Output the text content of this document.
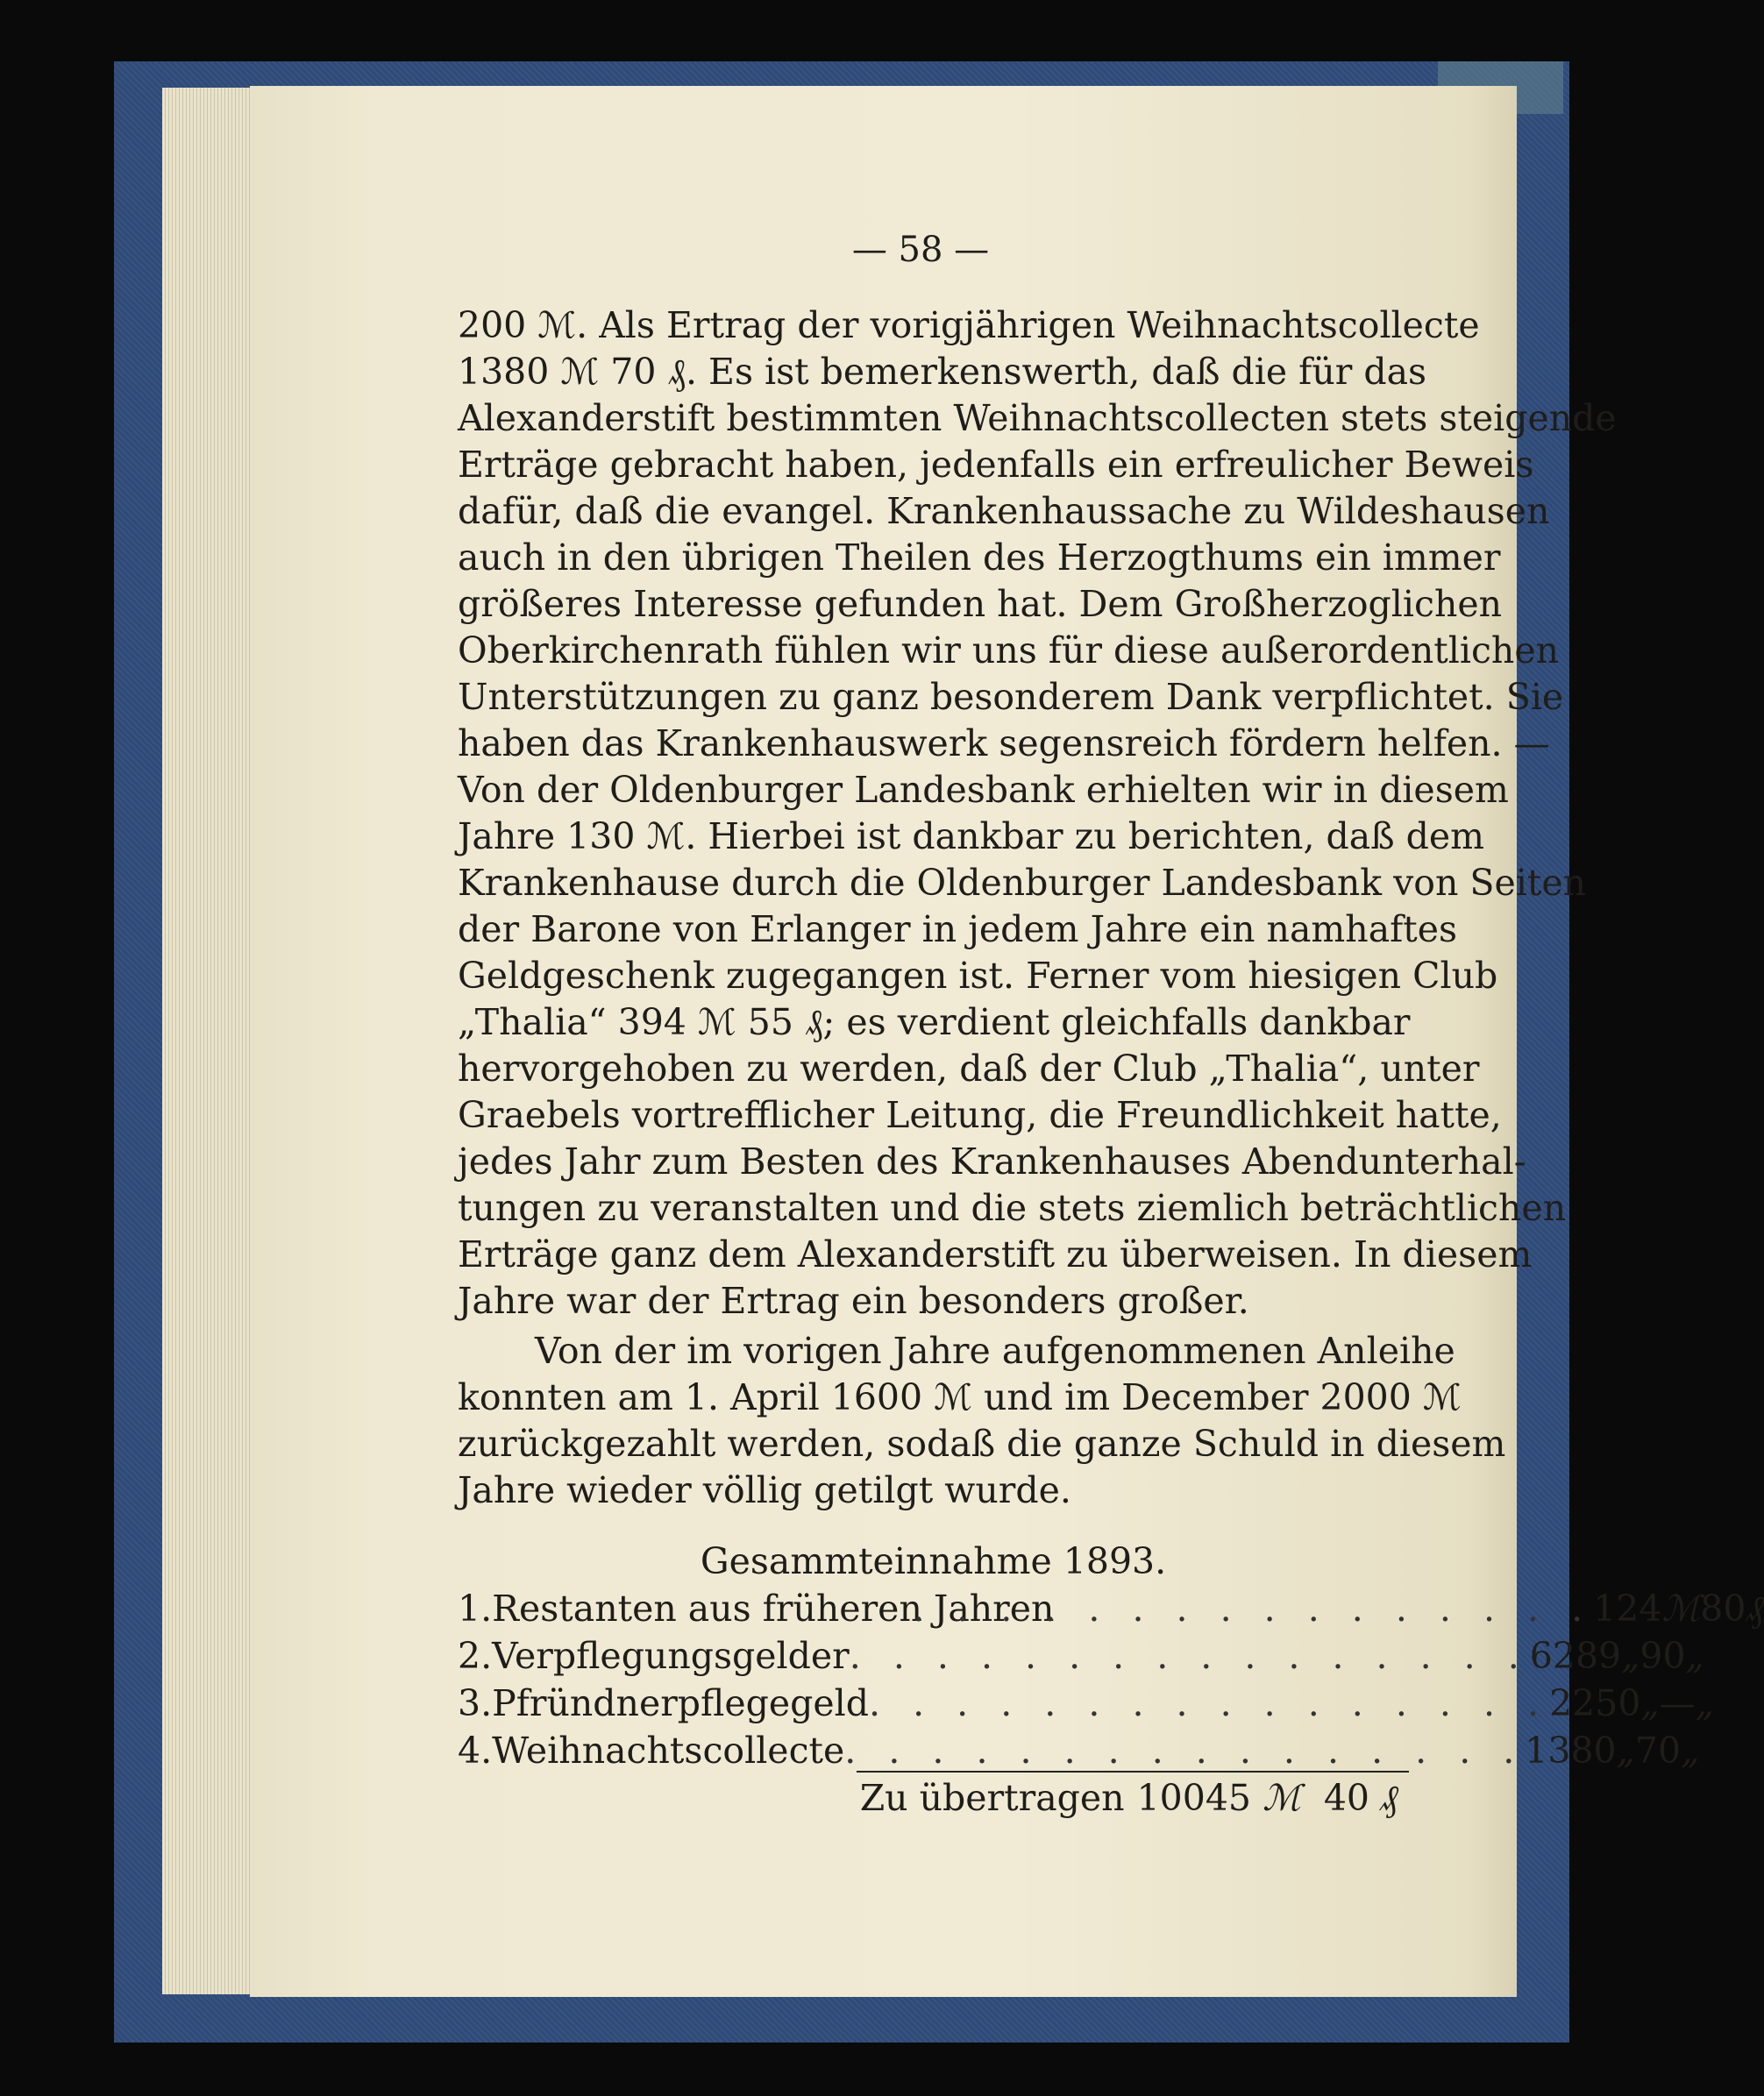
— 58 —
200 ℳ. Als Ertrag der vorigjährigen Weihnachtscollecte
1380 ℳ 70 ₰. Es ist bemerkenswerth, daß die für das
Alexanderstift bestimmten Weihnachtscollecten stets steigende
Erträge gebracht haben, jedenfalls ein erfreulicher Beweis
dafür, daß die evangel. Krankenhaussache zu Wildeshausen
auch in den übrigen Theilen des Herzogthums ein immer
größeres Interesse gefunden hat. Dem Großherzoglichen
Oberkirchenrath fühlen wir uns für diese außerordentlichen
Unterstützungen zu ganz besonderem Dank verpflichtet. Sie
haben das Krankenhauswerk segensreich fördern helfen. —
Von der Oldenburger Landesbank erhielten wir in diesem
Jahre 130 ℳ. Hierbei ist dankbar zu berichten, daß dem
Krankenhause durch die Oldenburger Landesbank von Seiten
der Barone von Erlanger in jedem Jahre ein namhaftes
Geldgeschenk zugegangen ist. Ferner vom hiesigen Club
„Thalia“ 394 ℳ 55 ₰; es verdient gleichfalls dankbar
hervorgehoben zu werden, daß der Club „Thalia“, unter
Graebels vortrefflicher Leitung, die Freundlichkeit hatte,
jedes Jahr zum Besten des Krankenhauses Abendunterhal-
tungen zu veranstalten und die stets ziemlich beträchtlichen
Erträge ganz dem Alexanderstift zu überweisen. In diesem
Jahre war der Ertrag ein besonders großer.
Von der im vorigen Jahre aufgenommenen Anleihe
konnten am 1. April 1600 ℳ und im December 2000 ℳ
zurückgezahlt werden, sodaß die ganze Schuld in diesem
Jahre wieder völlig getilgt wurde.
Gesammteinnahme 1893.
1. Restanten aus früheren Jahren
. . . . . . . . . . . . . . . . 124 ℳ 80 ₰
2. Verpflegungsgelder . . . . . . . . . . . . . . . . 6289 „ 90 „
3. Pfründnerpflegegeld . . . . . . . . . . . . . . . . 2250 „ — „
4. Weihnachtscollecte . . . . . . . . . . . . . . . . 1380 „ 70 „
Zu übertragen 10045 ℳ 40 ₰
